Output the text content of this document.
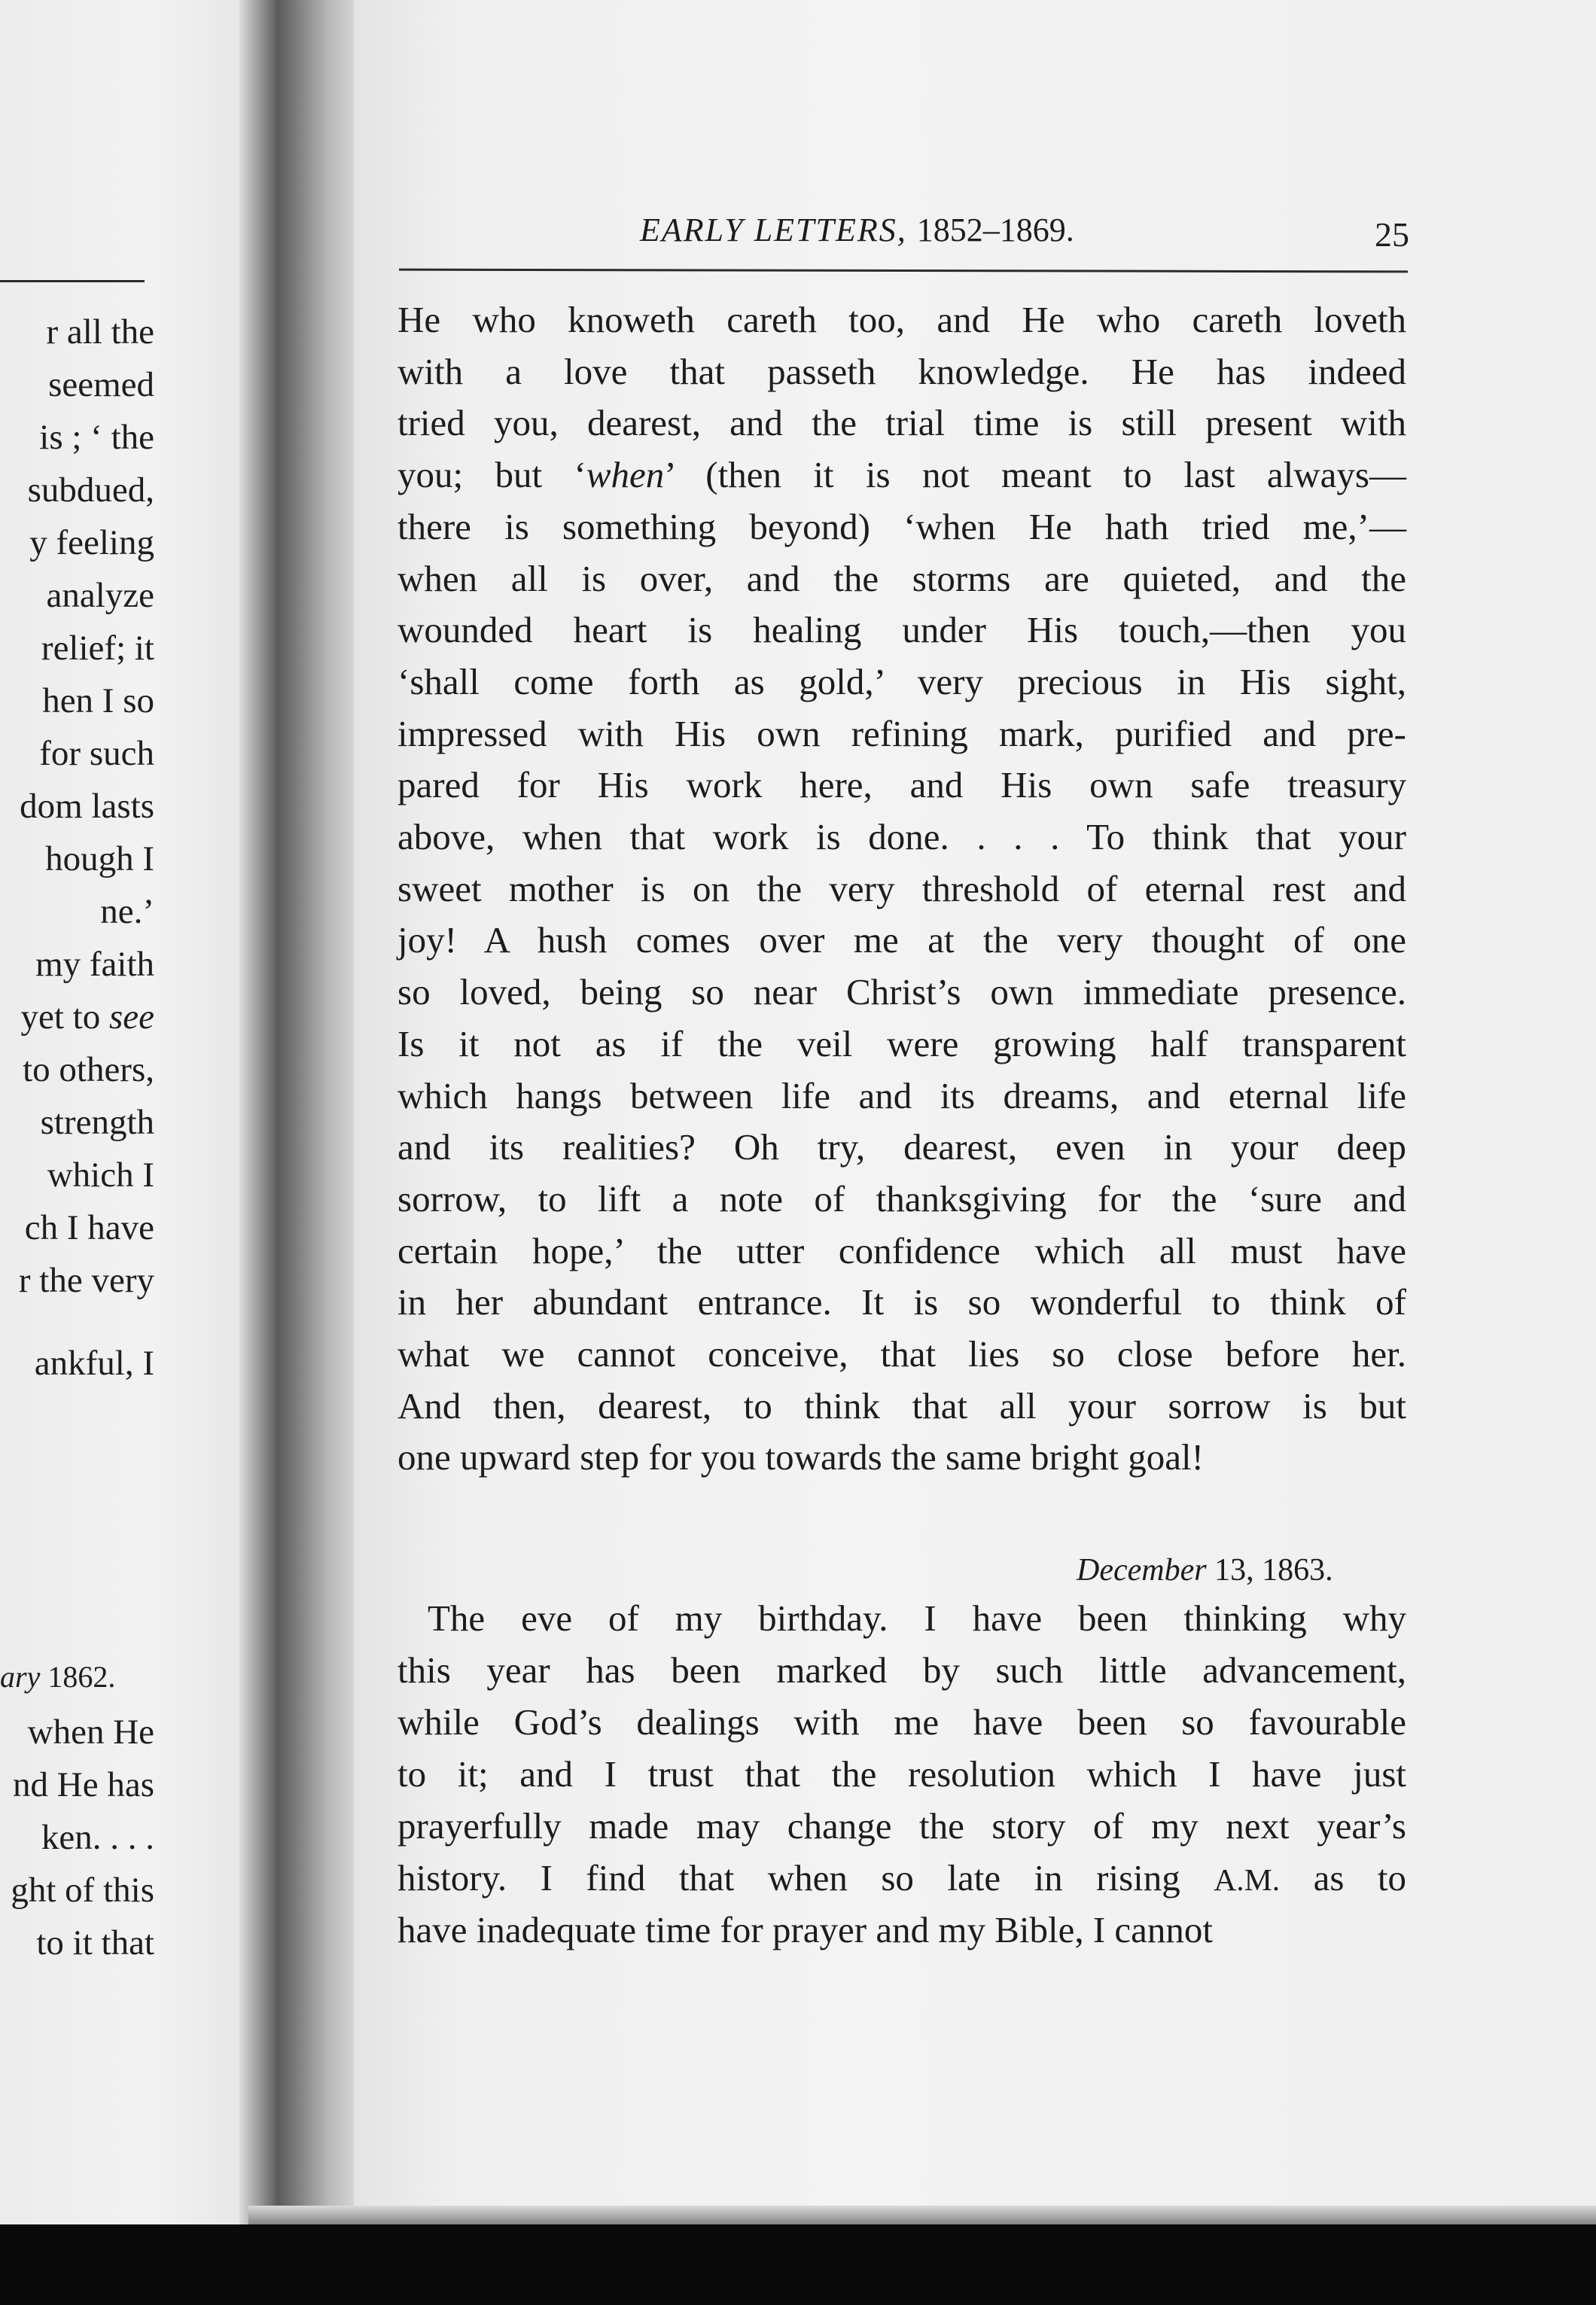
r all the
seemed
is ; ‘ the
subdued,
y feeling
analyze
relief; it
hen I so
for such
dom lasts
hough I
ne.’
my faith
yet to see
to others,
strength
which I
ch I have
r the very
ankful, I
ary 1862.
when He
nd He has
ken. . . .
ght of this
to it that
EARLY LETTERS, 1852–1869.	25
He who knoweth careth too, and He who careth loveth
with a love that passeth knowledge. He has indeed
tried you, dearest, and the trial time is still present with
you; but ‘when’ (then it is not meant to last always—
there is something beyond) ‘when He hath tried me,’—
when all is over, and the storms are quieted, and the
wounded heart is healing under His touch,—then you
‘shall come forth as gold,’ very precious in His sight,
impressed with His own refining mark, purified and pre-
pared for His work here, and His own safe treasury
above, when that work is done. . . . To think that your
sweet mother is on the very threshold of eternal rest and
joy! A hush comes over me at the very thought of one
so loved, being so near Christ’s own immediate presence.
Is it not as if the veil were growing half transparent
which hangs between life and its dreams, and eternal life
and its realities? Oh try, dearest, even in your deep
sorrow, to lift a note of thanksgiving for the ‘sure and
certain hope,’ the utter confidence which all must have
in her abundant entrance. It is so wonderful to think of
what we cannot conceive, that lies so close before her.
And then, dearest, to think that all your sorrow is but
one upward step for you towards the same bright goal!
December 13, 1863.
The eve of my birthday. I have been thinking why
this year has been marked by such little advancement,
while God’s dealings with me have been so favourable
to it; and I trust that the resolution which I have just
prayerfully made may change the story of my next year’s
history. I find that when so late in rising A.M. as to
have inadequate time for prayer and my Bible, I cannot
